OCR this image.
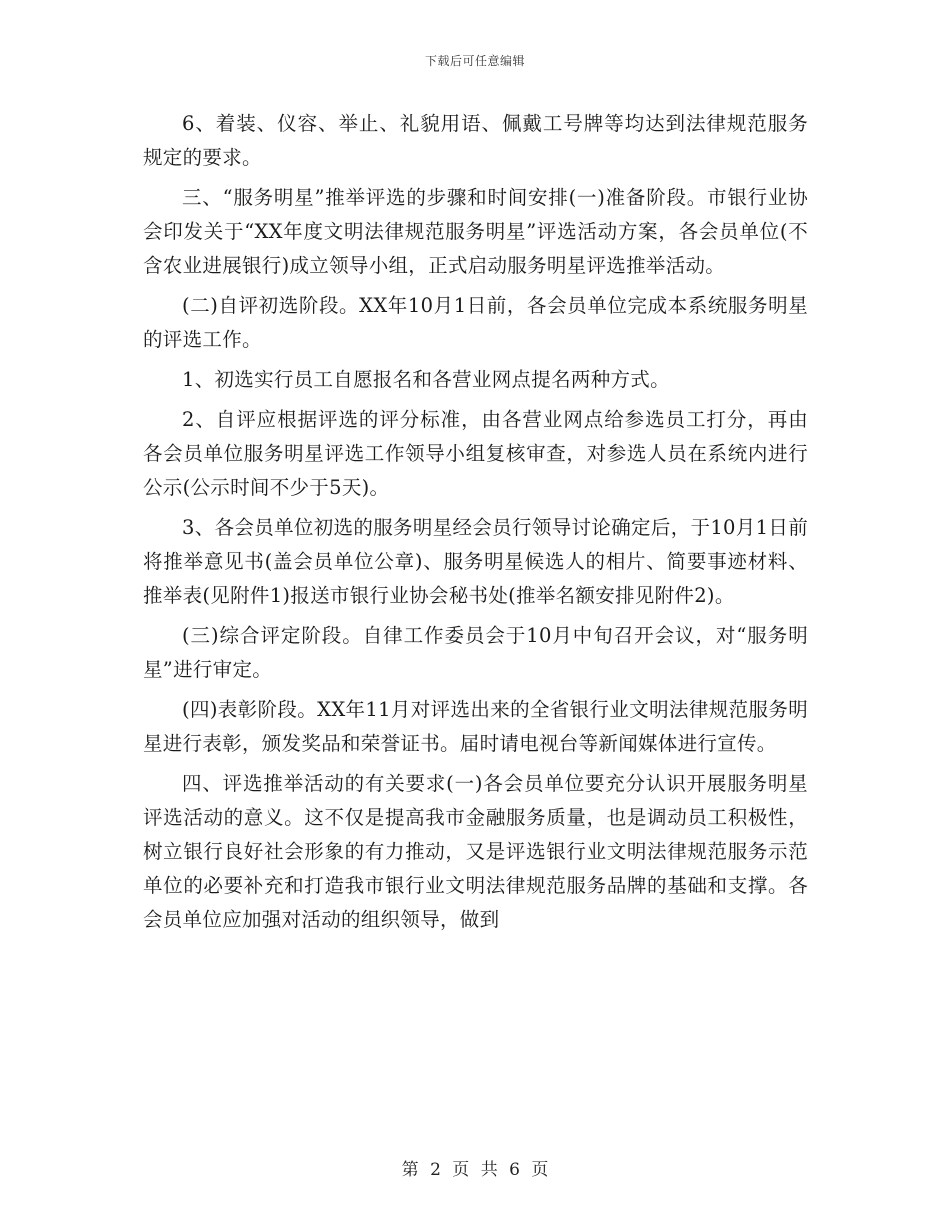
下载后可任意编辑

6、着装、仪容、举止、礼貌用语、佩戴工号牌等均达到法律规范服务规定的要求。

三、“服务明星”推举评选的步骤和时间安排(一)准备阶段。市银行业协会印发关于“XX年度文明法律规范服务明星”评选活动方案，各会员单位(不含农业进展银行)成立领导小组，正式启动服务明星评选推举活动。

(二)自评初选阶段。XX年10月1日前，各会员单位完成本系统服务明星的评选工作。

1、初选实行员工自愿报名和各营业网点提名两种方式。

2、自评应根据评选的评分标准，由各营业网点给参选员工打分，再由各会员单位服务明星评选工作领导小组复核审查，对参选人员在系统内进行公示(公示时间不少于5天)。

3、各会员单位初选的服务明星经会员行领导讨论确定后，于10月1日前将推举意见书(盖会员单位公章)、服务明星候选人的相片、简要事迹材料、推举表(见附件1)报送市银行业协会秘书处(推举名额安排见附件2)。

(三)综合评定阶段。自律工作委员会于10月中旬召开会议，对“服务明星”进行审定。

(四)表彰阶段。XX年11月对评选出来的全省银行业文明法律规范服务明星进行表彰，颁发奖品和荣誉证书。届时请电视台等新闻媒体进行宣传。

四、评选推举活动的有关要求(一)各会员单位要充分认识开展服务明星评选活动的意义。这不仅是提高我市金融服务质量，也是调动员工积极性，树立银行良好社会形象的有力推动，又是评选银行业文明法律规范服务示范单位的必要补充和打造我市银行业文明法律规范服务品牌的基础和支撑。各会员单位应加强对活动的组织领导，做到

第 2 页 共 6 页
